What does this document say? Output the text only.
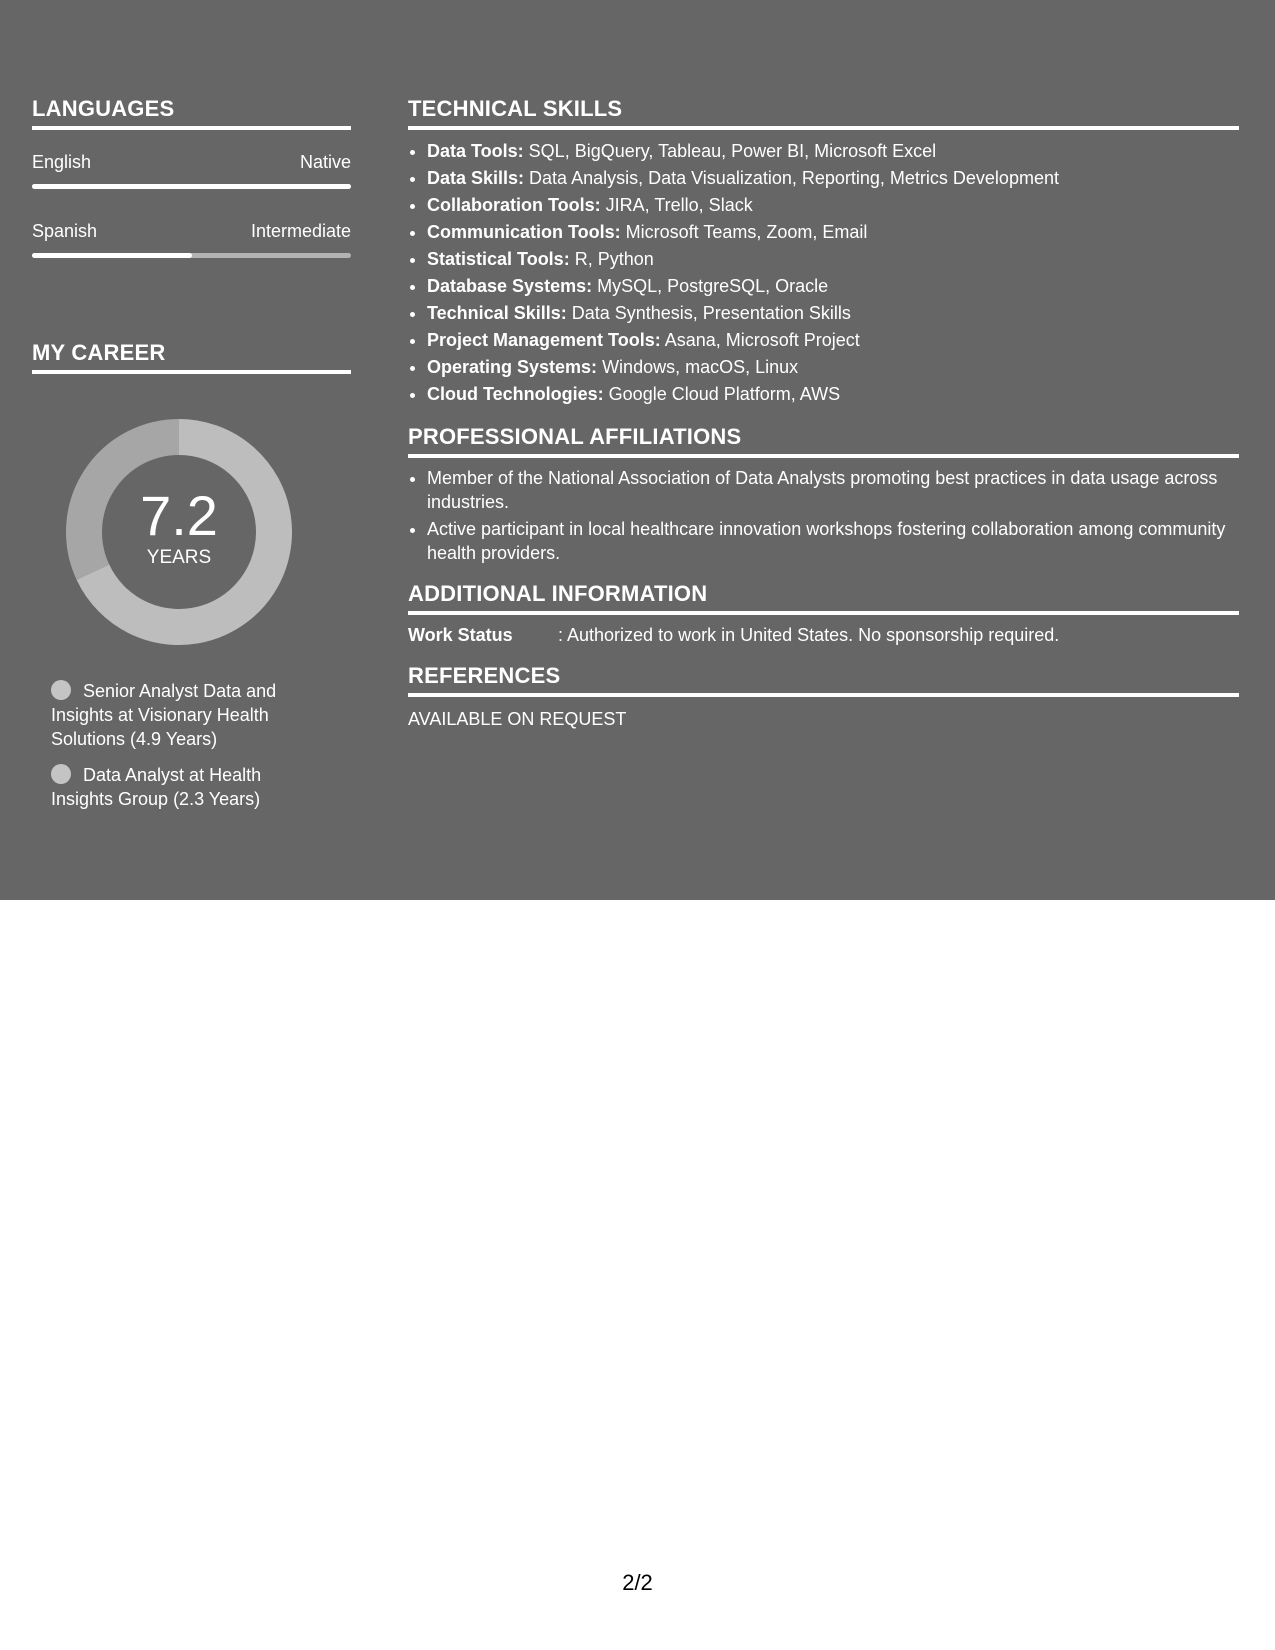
LANGUAGES
English	Native
Spanish	Intermediate
MY CAREER
7.2
YEARS
Senior Analyst Data and Insights at Visionary Health Solutions (4.9 Years)
Data Analyst at Health Insights Group (2.3 Years)
TECHNICAL SKILLS
• Data Tools: SQL, BigQuery, Tableau, Power BI, Microsoft Excel
• Data Skills: Data Analysis, Data Visualization, Reporting, Metrics Development
• Collaboration Tools: JIRA, Trello, Slack
• Communication Tools: Microsoft Teams, Zoom, Email
• Statistical Tools: R, Python
• Database Systems: MySQL, PostgreSQL, Oracle
• Technical Skills: Data Synthesis, Presentation Skills
• Project Management Tools: Asana, Microsoft Project
• Operating Systems: Windows, macOS, Linux
• Cloud Technologies: Google Cloud Platform, AWS
PROFESSIONAL AFFILIATIONS
• Member of the National Association of Data Analysts promoting best practices in data usage across industries.
• Active participant in local healthcare innovation workshops fostering collaboration among community health providers.
ADDITIONAL INFORMATION
Work Status	: Authorized to work in United States. No sponsorship required.
REFERENCES
AVAILABLE ON REQUEST
2/2
